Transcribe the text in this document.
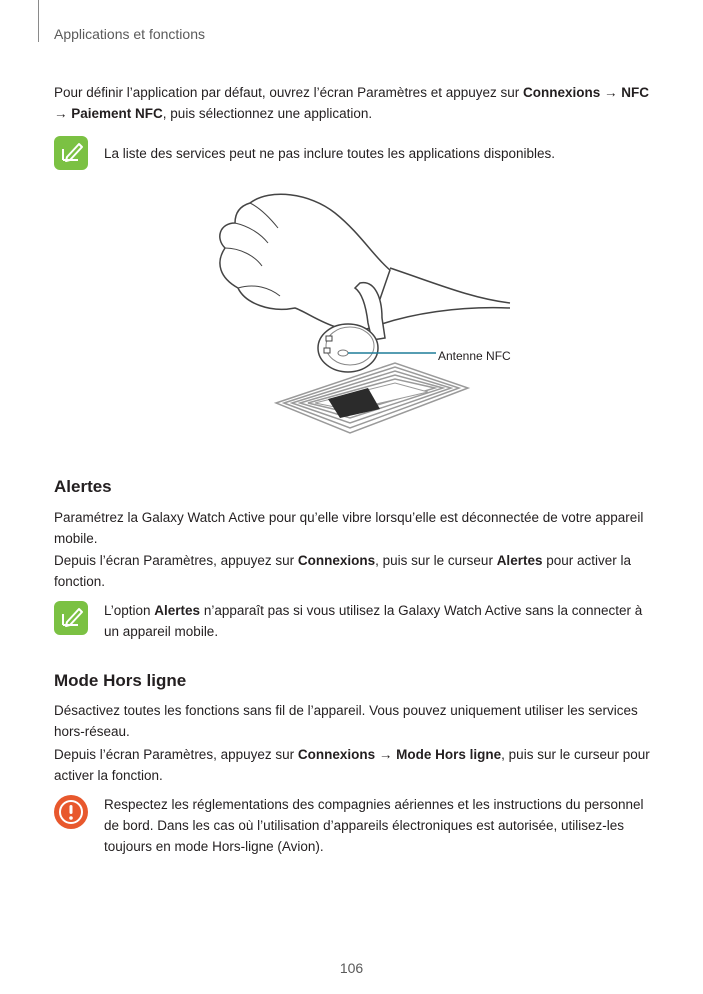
Applications et fonctions

Pour définir l’application par défaut, ouvrez l’écran Paramètres et appuyez sur Connexions → NFC
→ Paiement NFC, puis sélectionnez une application.

La liste des services peut ne pas inclure toutes les applications disponibles.

Antenne NFC
Alertes

Paramétrez la Galaxy Watch Active pour qu’elle vibre lorsqu’elle est déconnectée de votre appareil mobile.

Depuis l’écran Paramètres, appuyez sur Connexions, puis sur le curseur Alertes pour activer la fonction.

L’option Alertes n’apparaît pas si vous utilisez la Galaxy Watch Active sans la connecter à un appareil mobile.

Mode Hors ligne

Désactivez toutes les fonctions sans fil de l’appareil. Vous pouvez uniquement utiliser les services hors-réseau.

Depuis l’écran Paramètres, appuyez sur Connexions → Mode Hors ligne, puis sur le curseur pour activer la fonction.

Respectez les réglementations des compagnies aériennes et les instructions du personnel de bord. Dans les cas où l’utilisation d’appareils électroniques est autorisée, utilisez-les toujours en mode Hors-ligne (Avion).

106
